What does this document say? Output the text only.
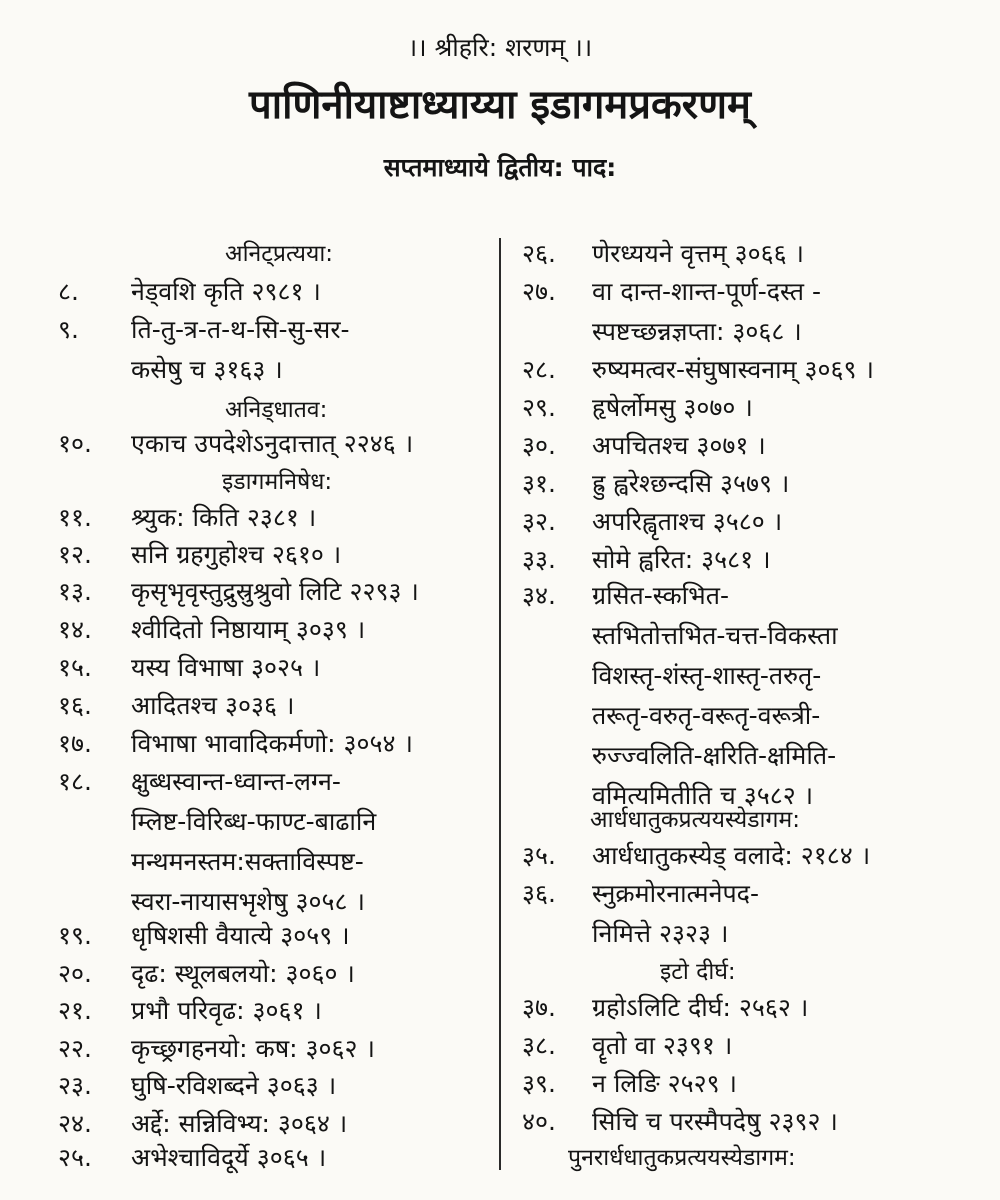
।। श्रीहरि: शरणम् ।।
पाणिनीयाष्टाध्याय्या इडागमप्रकरणम्
सप्तमाध्याये द्वितीय: पाद:
अनिट्प्रत्यया:
८. नेड्वशि कृति २९८१ ।
९. ति-तु-त्र-त-थ-सि-सु-सर-
कसेषु च ३१६३ ।
अनिड्धातव:
१०. एकाच उपदेशेऽनुदात्तात् २२४६ ।
इडागमनिषेध:
११. श्र्युक: किति २३८१ ।
१२. सनि ग्रहगुहोश्च २६१० ।
१३. कृसृभृवृस्तुद्रुस्रुश्रुवो लिटि २२९३ ।
१४. श्वीदितो निष्ठायाम् ३०३९ ।
१५. यस्य विभाषा ३०२५ ।
१६. आदितश्च ३०३६ ।
१७. विभाषा भावादिकर्मणो: ३०५४ ।
१८. क्षुब्धस्वान्त-ध्वान्त-लग्न-
म्लिष्ट-विरिब्ध-फाण्ट-बाढानि
मन्थमनस्तम:सक्ताविस्पष्ट-
स्वरा-नायासभृशेषु ३०५८ ।
१९. धृषिशसी वैयात्ये ३०५९ ।
२०. दृढ: स्थूलबलयो: ३०६० ।
२१. प्रभौ परिवृढ: ३०६१ ।
२२. कृच्छ्रगहनयो: कष: ३०६२ ।
२३. घुषि-रविशब्दने ३०६३ ।
२४. अर्द्दे: सन्निविभ्य: ३०६४ ।
२५. अभेश्चाविदूर्ये ३०६५ ।
२६. णेरध्ययने वृत्तम् ३०६६ ।
२७. वा दान्त-शान्त-पूर्ण-दस्त -
स्पष्टच्छन्नज्ञप्ता: ३०६८ ।
२८. रुष्यमत्वर-संघुषास्वनाम् ३०६९ ।
२९. हृषेर्लोमसु ३०७० ।
३०. अपचितश्च ३०७१ ।
३१. ह्रु ह्वरेश्छन्दसि ३५७९ ।
३२. अपरिह्वृताश्च ३५८० ।
३३. सोमे ह्वरित: ३५८१ ।
३४. ग्रसित-स्कभित-
स्तभितोत्तभित-चत्त-विकस्ता
विशस्तृ-शंस्तृ-शास्तृ-तरुतृ-
तरूतृ-वरुतृ-वरूतृ-वरूत्री-
रुज्ज्वलिति-क्षरिति-क्षमिति-
वमित्यमितीति च ३५८२ ।
आर्धधातुकप्रत्ययस्येडागम:
३५. आर्धधातुकस्येड् वलादे: २१८४ ।
३६. स्नुक्रमोरनात्मनेपद-
निमित्ते २३२३ ।
इटो दीर्घ:
३७. ग्रहोऽलिटि दीर्घ: २५६२ ।
३८. वॄतो वा २३९१ ।
३९. न लिङि २५२९ ।
४०. सिचि च परस्मैपदेषु २३९२ ।
पुनरार्धधातुकप्रत्ययस्येडागम:
